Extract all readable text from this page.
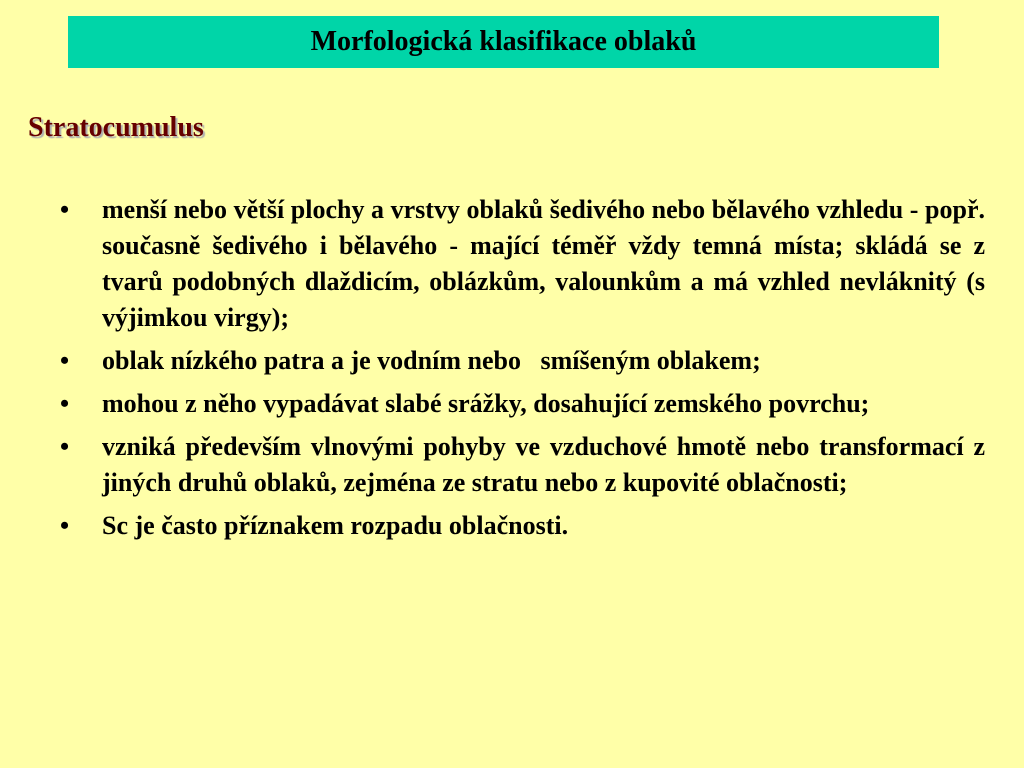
Morfologická klasifikace oblaků
Stratocumulus
•	menší nebo větší plochy a vrstvy oblaků šedivého nebo bělavého vzhledu - popř. současně šedivého i bělavého - mající téměř vždy temná místa; skládá se z tvarů podobných dlaždicím, oblázkům, valounkům a má vzhled nevláknitý (s výjimkou virgy);
•	oblak nízkého patra a je vodním nebo   smíšeným oblakem;
•	mohou z něho vypadávat slabé srážky, dosahující zemského povrchu;
•	vzniká především vlnovými pohyby ve vzduchové hmotě nebo transformací z jiných druhů oblaků, zejména ze stratu nebo z kupovité oblačnosti;
•	Sc je často příznakem rozpadu oblačnosti.
